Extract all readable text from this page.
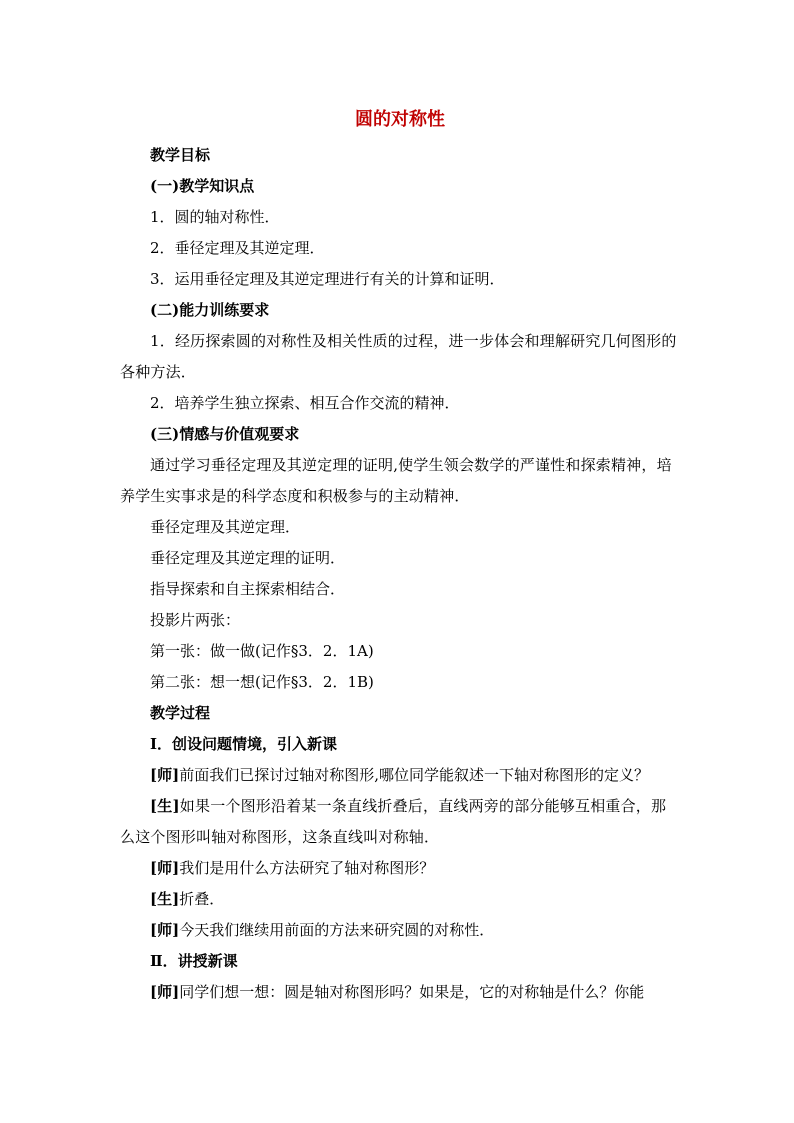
圆的对称性
教学目标
(一)教学知识点
1．圆的轴对称性．
2．垂径定理及其逆定理．
3．运用垂径定理及其逆定理进行有关的计算和证明．
(二)能力训练要求
1．经历探索圆的对称性及相关性质的过程，进一步体会和理解研究几何图形的各种方法．
2．培养学生独立探索、相互合作交流的精神．
(三)情感与价值观要求
通过学习垂径定理及其逆定理的证明,使学生领会数学的严谨性和探索精神，培养学生实事求是的科学态度和积极参与的主动精神．
垂径定理及其逆定理．
垂径定理及其逆定理的证明．
指导探索和自主探索相结合．
投影片两张：
第一张：做一做(记作§3．2．1A)
第二张：想一想(记作§3．2．1B)
教学过程
Ⅰ．创设问题情境，引入新课
[师]前面我们已探讨过轴对称图形,哪位同学能叙述一下轴对称图形的定义？
[生]如果一个图形沿着某一条直线折叠后，直线两旁的部分能够互相重合，那么这个图形叫轴对称图形，这条直线叫对称轴．
[师]我们是用什么方法研究了轴对称图形？
[生]折叠．
[师]今天我们继续用前面的方法来研究圆的对称性．
Ⅱ．讲授新课
[师]同学们想一想：圆是轴对称图形吗？如果是，它的对称轴是什么？你能
